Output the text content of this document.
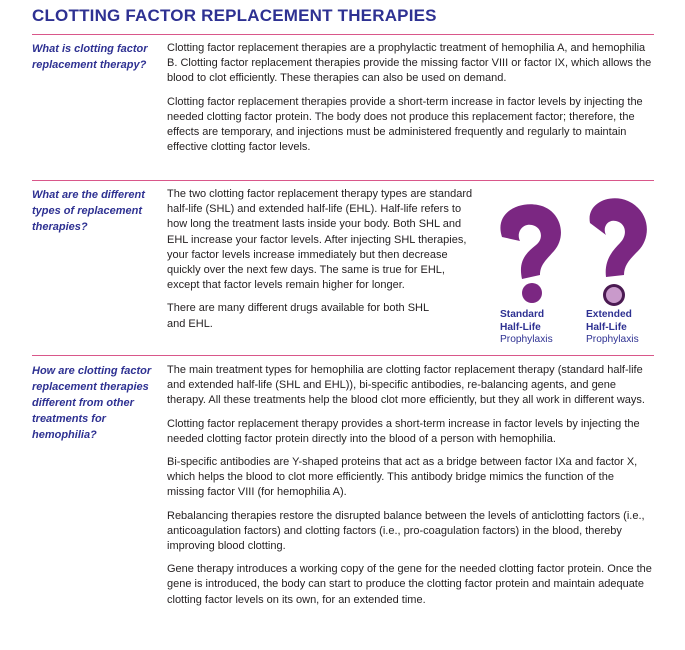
CLOTTING FACTOR REPLACEMENT THERAPIES
What is clotting factor replacement therapy?

Clotting factor replacement therapies are a prophylactic treatment of hemophilia A, and hemophilia B. Clotting factor replacement therapies provide the missing factor VIII or factor IX, which allows the blood to clot efficiently. These therapies can also be used on demand.

Clotting factor replacement therapies provide a short-term increase in factor levels by injecting the needed clotting factor protein. The body does not produce this replacement factor; therefore, the effects are temporary, and injections must be administered frequently and regularly to maintain effective clotting factor levels.

What are the different types of replacement therapies?

The two clotting factor replacement therapy types are standard half-life (SHL) and extended half-life (EHL). Half-life refers to how long the treatment lasts inside your body. Both SHL and EHL increase your factor levels. After injecting SHL therapies, your factor levels increase immediately but then decrease quickly over the next few days. The same is true for EHL, except that factor levels remain higher for longer.

There are many different drugs available for both SHL and EHL.

Standard
Half-Life
Prophylaxis
Extended
Half-Life
Prophylaxis
How are clotting factor replacement therapies different from other treatments for hemophilia?

The main treatment types for hemophilia are clotting factor replacement therapy (standard half-life and extended half-life (SHL and EHL)), bi-specific antibodies, re-balancing agents, and gene therapy. All these treatments help the blood clot more efficiently, but they all work in different ways.

Clotting factor replacement therapy provides a short-term increase in factor levels by injecting the needed clotting factor protein directly into the blood of a person with hemophilia.

Bi-specific antibodies are Y-shaped proteins that act as a bridge between factor IXa and factor X, which helps the blood to clot more efficiently. This antibody bridge mimics the function of the missing factor VIII (for hemophilia A).

Rebalancing therapies restore the disrupted balance between the levels of anticlotting factors (i.e., anticoagulation factors) and clotting factors (i.e., pro-coagulation factors) in the blood, thereby improving blood clotting.

Gene therapy introduces a working copy of the gene for the needed clotting factor protein. Once the gene is introduced, the body can start to produce the clotting factor protein and maintain adequate clotting factor levels on its own, for an extended time.
